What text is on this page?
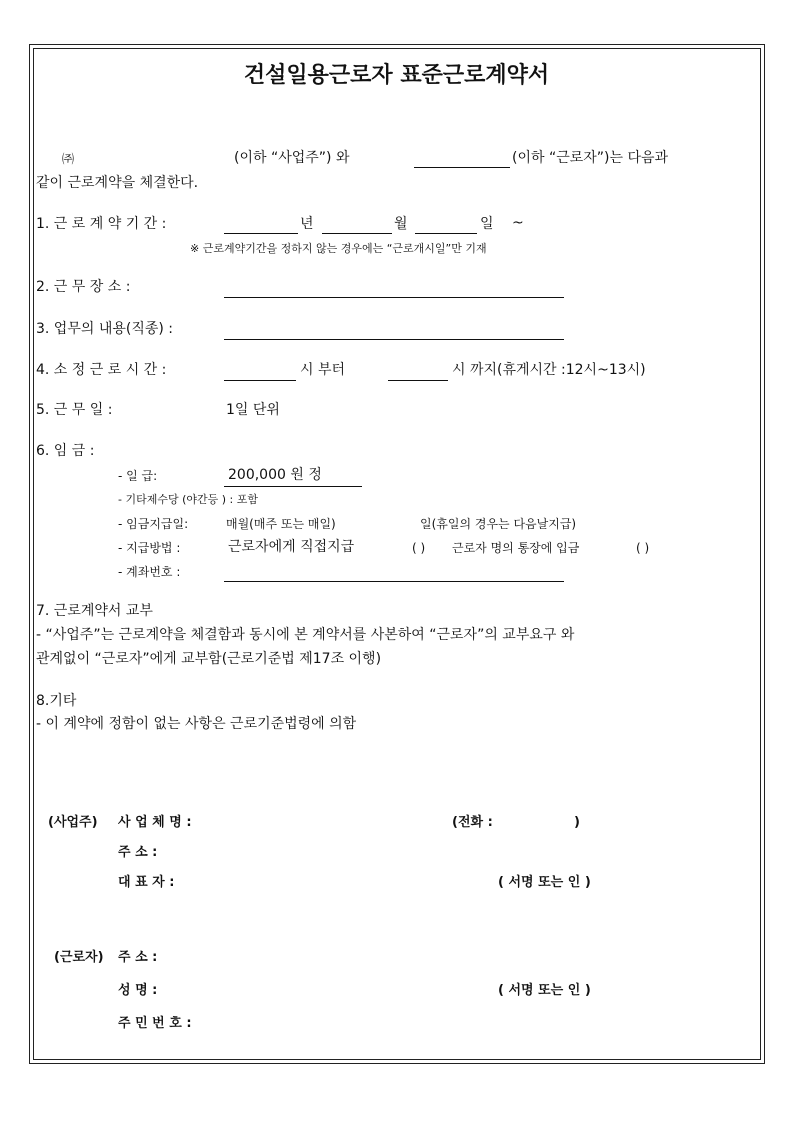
건설일용근로자 표준근로계약서
㈜	(이하 “사업주”) 와	(이하 “근로자”)는 다음과
같이 근로계약을 체결한다.
1. 근 로 계 약 기 간 :	년	월	일 ~
※ 근로계약기간을 정하지 않는 경우에는 “근로개시일”만 기재
2. 근 무 장 소 :
3. 업무의 내용(직종) :
4. 소 정 근 로 시 간 :	시 부터	시 까지(휴게시간 :12시~13시)
5. 근 무 일 :	1일 단위
6. 임 금 :
- 일 급:	200,000 원 정
- 기타제수당 (야간등 ) : 포함
- 임금지급일:	매월(매주 또는 매일)	일(휴일의 경우는 다음날지급)
- 지급방법 :	근로자에게 직접지급	( ) 근로자 명의 통장에 입금	( )
- 계좌번호 :
7. 근로계약서 교부
- “사업주”는 근로계약을 체결함과 동시에 본 계약서를 사본하여 “근로자”의 교부요구 와
관계없이 “근로자”에게 교부함(근로기준법 제17조 이행)
8.기타
- 이 계약에 정함이 없는 사항은 근로기준법령에 의함
(사업주) 사 업 체 명 :	(전화 :	)
주 소 :
대 표 자 :	( 서명 또는 인 )
(근로자) 주 소 :
성 명 :	( 서명 또는 인 )
주 민 번 호 :
